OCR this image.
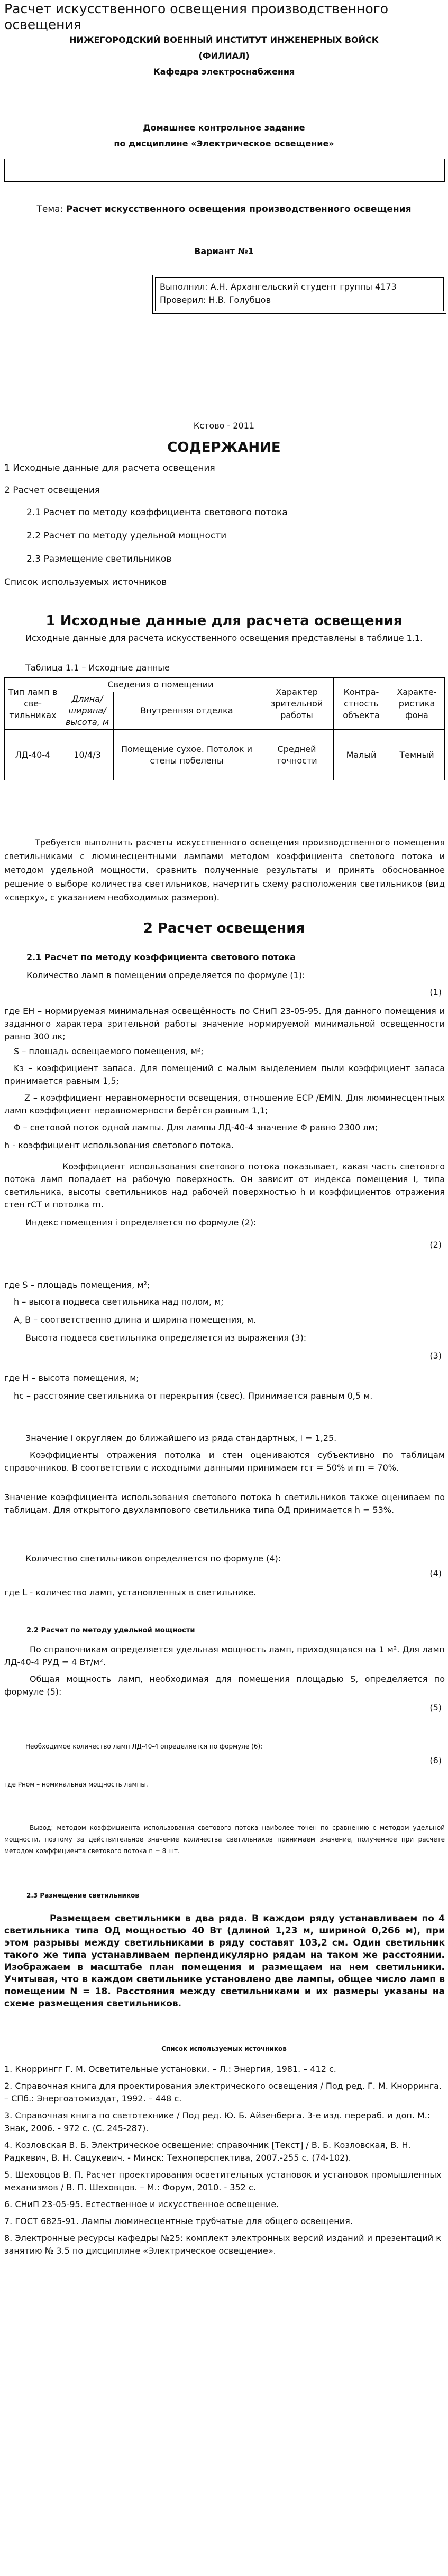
Расчет искусственного освещения производственного освещения
НИЖЕГОРОДСКИЙ ВОЕННЫЙ ИНСТИТУТ ИНЖЕНЕРНЫХ ВОЙСК
(ФИЛИАЛ)
Кафедра электроснабжения
Домашнее контрольное задание
по дисциплине «Электрическое освещение»
Тема: Расчет искусственного освещения производственного освещения
Вариант №1
Выполнил: А.Н. Архангельский студент группы 4173
Проверил: Н.В. Голубцов
Кстово - 2011
СОДЕРЖАНИЕ
1 Исходные данные для расчета освещения
2 Расчет освещения
2.1 Расчет по методу коэффициента светового потока
2.2 Расчет по методу удельной мощности
2.3 Размещение светильников
Список используемых источников
1 Исходные данные для расчета освещения
Исходные данные для расчета искусственного освещения представлены в таблице 1.1.
Таблица 1.1 – Исходные данные
Тип ламп в све-тильниках	Сведения о помещении		Характер зрительной работы	Контра-стность объекта	Характе-ристика фона
	Длина/ширина/высота, м	Внутренняя отделка			
ЛД-40-4	10/4/3	Помещение сухое. Потолок и стены побелены	Средней точности	Малый	Темный
Требуется выполнить расчеты искусственного освещения производственного помещения светильниками с люминесцентными лампами методом коэффициента светового потока и методом удельной мощности, сравнить полученные результаты и принять обоснованное решение о выборе количества светильников, начертить схему расположения светильников (вид «сверху», с указанием необходимых размеров).
2 Расчет освещения
2.1 Расчет по методу коэффициента светового потока
Количество ламп в помещении определяется по формуле (1):
(1)
где EH – нормируемая минимальная освещённость по СНиП 23-05-95. Для данного помещения и заданного характера зрительной работы значение нормируемой минимальной освещенности равно 300 лк;
S – площадь освещаемого помещения, м²;
Kз – коэффициент запаса. Для помещений с малым выделением пыли коэффициент запаса принимается равным 1,5;
Z – коэффициент неравномерности освещения, отношение ECP /EMIN. Для люминесцентных ламп коэффициент неравномерности берётся равным 1,1;
Φ – световой поток одной лампы. Для лампы ЛД-40-4 значение Φ равно 2300 лм;
h - коэффициент использования светового потока.
Коэффициент использования светового потока показывает, какая часть светового потока ламп попадает на рабочую поверхность. Он зависит от индекса помещения i, типа светильника, высоты светильников над рабочей поверхностью h и коэффициентов отражения стен rCT и потолка rп.
Индекс помещения i определяется по формуле (2):
(2)
где S – площадь помещения, м²;
h – высота подвеса светильника над полом, м;
A, B – соответственно длина и ширина помещения, м.
Высота подвеса светильника определяется из выражения (3):
(3)
где H – высота помещения, м;
hс – расстояние светильника от перекрытия (свес). Принимается равным 0,5 м.
Значение i округляем до ближайшего из ряда стандартных, i = 1,25.
Коэффициенты отражения потолка и стен оцениваются субъективно по таблицам справочников. В соответствии с исходными данными принимаем rст = 50% и rп = 70%.
Значение коэффициента использования светового потока h светильников также оцениваем по таблицам. Для открытого двухлампового светильника типа ОД принимается h = 53%.
Количество светильников определяется по формуле (4):
(4)
где L - количество ламп, установленных в светильнике.
2.2 Расчет по методу удельной мощности
По справочникам определяется удельная мощность ламп, приходящаяся на 1 м². Для ламп ЛД-40-4 PУД = 4 Вт/м².
Общая мощность ламп, необходимая для помещения площадью S, определяется по формуле (5):
(5)
Необходимое количество ламп ЛД-40-4 определяется по формуле (6):
(6)
где Pном – номинальная мощность лампы.
Вывод: методом коэффициента использования светового потока наиболее точен по сравнению с методом удельной мощности, поэтому за действительное значение количества светильников принимаем значение, полученное при расчете методом коэффициента светового потока n = 8 шт.
2.3 Размещение светильников
Размещаем светильники в два ряда. В каждом ряду устанавливаем по 4 светильника типа ОД мощностью 40 Вт (длиной 1,23 м, шириной 0,266 м), при этом разрывы между светильниками в ряду составят 103,2 см. Один светильник такого же типа устанавливаем перпендикулярно рядам на таком же расстоянии. Изображаем в масштабе план помещения и размещаем на нем светильники. Учитывая, что в каждом светильнике установлено две лампы, общее число ламп в помещении N = 18. Расстояния между светильниками и их размеры указаны на схеме размещения светильников.
Список используемых источников
1. Кноррингг Г. М. Осветительные установки. – Л.: Энергия, 1981. – 412 с.
2. Справочная книга для проектирования электрического освещения / Под ред. Г. М. Кнорринга. – СПб.: Энергоатомиздат, 1992. – 448 с.
3. Справочная книга по светотехнике / Под ред. Ю. Б. Айзенберга. 3-е изд. перераб. и доп. М.: Знак, 2006. - 972 с. (С. 245-287).
4. Козловская В. Б. Электрическое освещение: справочник [Текст] / В. Б. Козловская, В. Н. Радкевич, В. Н. Сацукевич. - Минск: Техноперспектива, 2007.-255 с. (74-102).
5. Шеховцов В. П. Расчет проектирования осветительных установок и установок промышленных механизмов / В. П. Шеховцов. – М.: Форум, 2010. - 352 с.
6. СНиП 23-05-95. Естественное и искусственное освещение.
7. ГОСТ 6825-91. Лампы люминесцентные трубчатые для общего освещения.
8. Электронные ресурсы кафедры №25: комплект электронных версий изданий и презентаций к занятию № 3.5 по дисциплине «Электрическое освещение».
